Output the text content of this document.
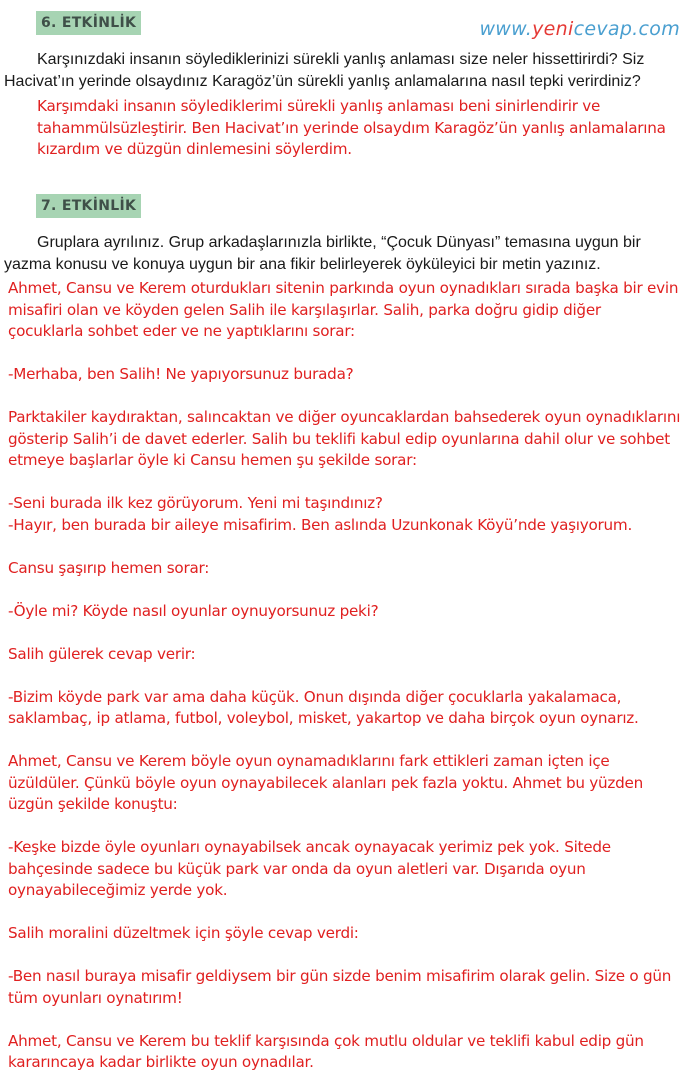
6. ETKİNLİK	www.yenicevap.com

Karşınızdaki insanın söylediklerinizi sürekli yanlış anlaması size neler hissettirirdi? Siz

Hacivat’ın yerinde olsaydınız Karagöz’ün sürekli yanlış anlamalarına nasıl tepki verirdiniz?

Karşımdaki insanın söylediklerimi sürekli yanlış anlaması beni sinirlendirir ve

tahammülsüzleştirir. Ben Hacivat’ın yerinde olsaydım Karagöz’ün yanlış anlamalarına

kızardım ve düzgün dinlemesini söylerdim.

7. ETKİNLİK

Gruplara ayrılınız. Grup arkadaşlarınızla birlikte, “Çocuk Dünyası” temasına uygun bir

yazma konusu ve konuya uygun bir ana fikir belirleyerek öyküleyici bir metin yazınız.

Ahmet, Cansu ve Kerem oturdukları sitenin parkında oyun oynadıkları sırada başka bir evin

misafiri olan ve köyden gelen Salih ile karşılaşırlar. Salih, parka doğru gidip diğer

çocuklarla sohbet eder ve ne yaptıklarını sorar:

-Merhaba, ben Salih! Ne yapıyorsunuz burada?

Parktakiler kaydıraktan, salıncaktan ve diğer oyuncaklardan bahsederek oyun oynadıklarını

gösterip Salih’i de davet ederler. Salih bu teklifi kabul edip oyunlarına dahil olur ve sohbet

etmeye başlarlar öyle ki Cansu hemen şu şekilde sorar:

-Seni burada ilk kez görüyorum. Yeni mi taşındınız?

-Hayır, ben burada bir aileye misafirim. Ben aslında Uzunkonak Köyü’nde yaşıyorum.

Cansu şaşırıp hemen sorar:

-Öyle mi? Köyde nasıl oyunlar oynuyorsunuz peki?

Salih gülerek cevap verir:

-Bizim köyde park var ama daha küçük. Onun dışında diğer çocuklarla yakalamaca,

saklambaç, ip atlama, futbol, voleybol, misket, yakartop ve daha birçok oyun oynarız.

Ahmet, Cansu ve Kerem böyle oyun oynamadıklarını fark ettikleri zaman içten içe

üzüldüler. Çünkü böyle oyun oynayabilecek alanları pek fazla yoktu. Ahmet bu yüzden

üzgün şekilde konuştu:

-Keşke bizde öyle oyunları oynayabilsek ancak oynayacak yerimiz pek yok. Sitede

bahçesinde sadece bu küçük park var onda da oyun aletleri var. Dışarıda oyun

oynayabileceğimiz yerde yok.

Salih moralini düzeltmek için şöyle cevap verdi:

-Ben nasıl buraya misafir geldiysem bir gün sizde benim misafirim olarak gelin. Size o gün

tüm oyunları oynatırım!

Ahmet, Cansu ve Kerem bu teklif karşısında çok mutlu oldular ve teklifi kabul edip gün

kararıncaya kadar birlikte oyun oynadılar.
